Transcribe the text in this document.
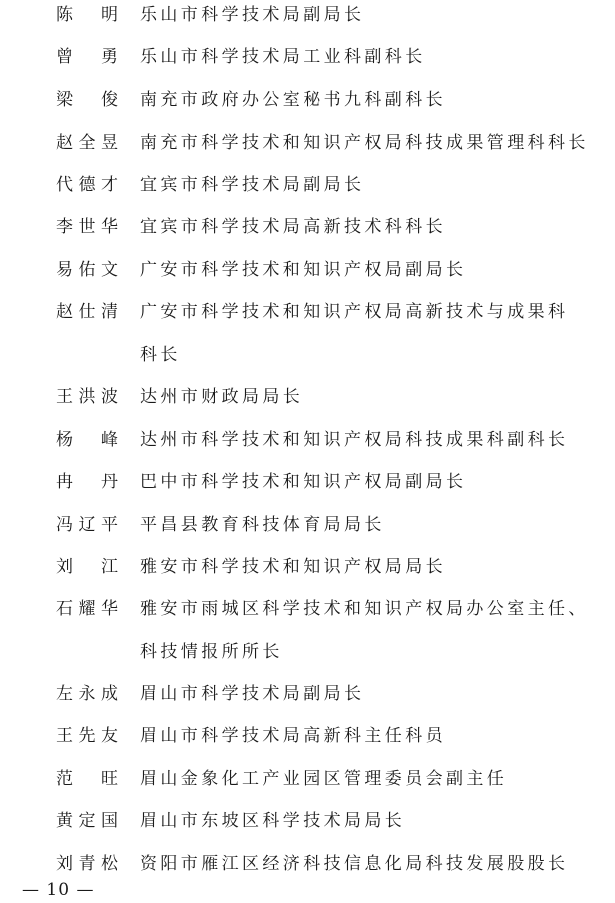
陈
明 乐山市科学技术局副局长
曾
勇 乐山市科学技术局工业科副科长
梁
俊 南充市政府办公室秘书九科副科长
赵 全 昱 南充市科学技术和知识产权局科技成果管理科科长
代 德 才 宜宾市科学技术局副局长
李 世 华 宜宾市科学技术局高新技术科科长
易 佑 文 广安市科学技术和知识产权局副局长
赵 仕 清 广安市科学技术和知识产权局高新技术与成果科
科长
王 洪 波 达州市财政局局长
杨
峰 达州市科学技术和知识产权局科技成果科副科长
冉
丹 巴中市科学技术和知识产权局副局长
冯 辽 平 平昌县教育科技体育局局长
刘
江 雅安市科学技术和知识产权局局长
石 耀 华 雅安市雨城区科学技术和知识产权局办公室主任、
科技情报所所长
左 永 成 眉山市科学技术局副局长
王 先 友 眉山市科学技术局高新科主任科员
范
旺 眉山金象化工产业园区管理委员会副主任
黄 定 国 眉山市东坡区科学技术局局长
刘 青 松 资阳市雁江区经济科技信息化局科技发展股股长
— 10 —
